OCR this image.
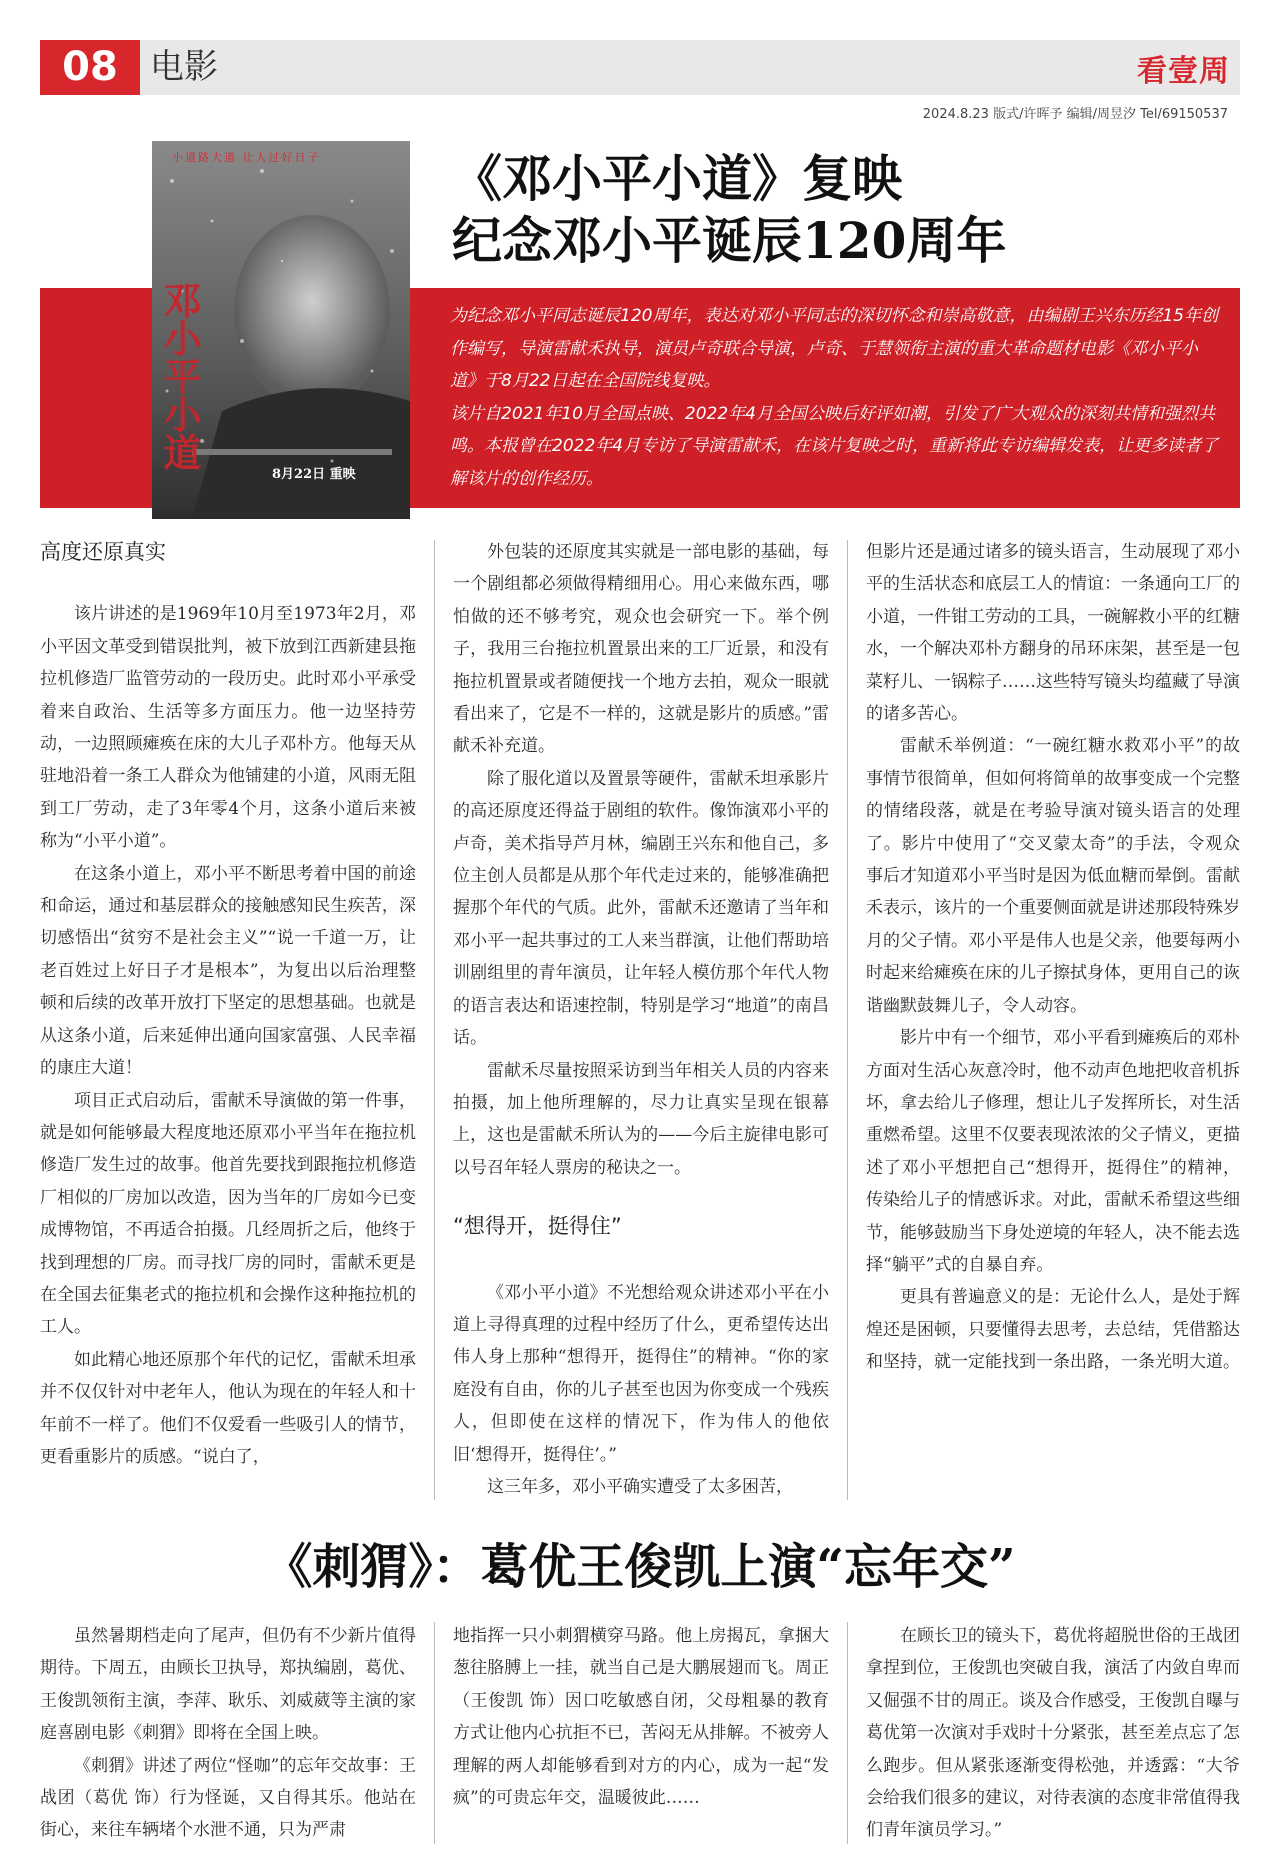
08 电影	看壹周
2024.8.23 版式/许晖予 编辑/周昱汐 Tel/69150537
小道路大道 让人过好日子
邓小平小道
8月22日 重映
《邓小平小道》复映
纪念邓小平诞辰120周年

为纪念邓小平同志诞辰120周年，表达对邓小平同志的深切怀念和崇高敬意，由编剧王兴东历经15年创作编写，导演雷献禾执导，演员卢奇联合导演，卢奇、于慧领衔主演的重大革命题材电影《邓小平小道》于8月22日起在全国院线复映。

该片自2021年10月全国点映、2022年4月全国公映后好评如潮，引发了广大观众的深刻共情和强烈共鸣。本报曾在2022年4月专访了导演雷献禾，在该片复映之时，重新将此专访编辑发表，让更多读者了解该片的创作经历。

高度还原真实

该片讲述的是1969年10月至1973年2月，邓小平因文革受到错误批判，被下放到江西新建县拖拉机修造厂监管劳动的一段历史。此时邓小平承受着来自政治、生活等多方面压力。他一边坚持劳动，一边照顾瘫痪在床的大儿子邓朴方。他每天从驻地沿着一条工人群众为他铺建的小道，风雨无阻到工厂劳动，走了3年零4个月，这条小道后来被称为“小平小道”。

在这条小道上，邓小平不断思考着中国的前途和命运，通过和基层群众的接触感知民生疾苦，深切感悟出“贫穷不是社会主义”“说一千道一万，让老百姓过上好日子才是根本”，为复出以后治理整顿和后续的改革开放打下坚定的思想基础。也就是从这条小道，后来延伸出通向国家富强、人民幸福的康庄大道！

项目正式启动后，雷献禾导演做的第一件事，就是如何能够最大程度地还原邓小平当年在拖拉机修造厂发生过的故事。他首先要找到跟拖拉机修造厂相似的厂房加以改造，因为当年的厂房如今已变成博物馆，不再适合拍摄。几经周折之后，他终于找到理想的厂房。而寻找厂房的同时，雷献禾更是在全国去征集老式的拖拉机和会操作这种拖拉机的工人。

如此精心地还原那个年代的记忆，雷献禾坦承并不仅仅针对中老年人，他认为现在的年轻人和十年前不一样了。他们不仅爱看一些吸引人的情节，更看重影片的质感。“说白了，

外包装的还原度其实就是一部电影的基础，每一个剧组都必须做得精细用心。用心来做东西，哪怕做的还不够考究，观众也会研究一下。举个例子，我用三台拖拉机置景出来的工厂近景，和没有拖拉机置景或者随便找一个地方去拍，观众一眼就看出来了，它是不一样的，这就是影片的质感。”雷献禾补充道。

除了服化道以及置景等硬件，雷献禾坦承影片的高还原度还得益于剧组的软件。像饰演邓小平的卢奇，美术指导芦月林，编剧王兴东和他自己，多位主创人员都是从那个年代走过来的，能够准确把握那个年代的气质。此外，雷献禾还邀请了当年和邓小平一起共事过的工人来当群演，让他们帮助培训剧组里的青年演员，让年轻人模仿那个年代人物的语言表达和语速控制，特别是学习“地道”的南昌话。

雷献禾尽量按照采访到当年相关人员的内容来拍摄，加上他所理解的，尽力让真实呈现在银幕上，这也是雷献禾所认为的——今后主旋律电影可以号召年轻人票房的秘诀之一。

“想得开，挺得住”

《邓小平小道》不光想给观众讲述邓小平在小道上寻得真理的过程中经历了什么，更希望传达出伟人身上那种“想得开，挺得住”的精神。“你的家庭没有自由，你的儿子甚至也因为你变成一个残疾人，但即使在这样的情况下，作为伟人的他依旧‘想得开，挺得住’。”

这三年多，邓小平确实遭受了太多困苦，

但影片还是通过诸多的镜头语言，生动展现了邓小平的生活状态和底层工人的情谊：一条通向工厂的小道，一件钳工劳动的工具，一碗解救小平的红糖水，一个解决邓朴方翻身的吊环床架，甚至是一包菜籽儿、一锅粽子……这些特写镜头均蕴藏了导演的诸多苦心。

雷献禾举例道：“一碗红糖水救邓小平”的故事情节很简单，但如何将简单的故事变成一个完整的情绪段落，就是在考验导演对镜头语言的处理了。影片中使用了“交叉蒙太奇”的手法，令观众事后才知道邓小平当时是因为低血糖而晕倒。雷献禾表示，该片的一个重要侧面就是讲述那段特殊岁月的父子情。邓小平是伟人也是父亲，他要每两小时起来给瘫痪在床的儿子擦拭身体，更用自己的诙谐幽默鼓舞儿子，令人动容。

影片中有一个细节，邓小平看到瘫痪后的邓朴方面对生活心灰意冷时，他不动声色地把收音机拆坏，拿去给儿子修理，想让儿子发挥所长，对生活重燃希望。这里不仅要表现浓浓的父子情义，更描述了邓小平想把自己“想得开，挺得住”的精神，传染给儿子的情感诉求。对此，雷献禾希望这些细节，能够鼓励当下身处逆境的年轻人，决不能去选择“躺平”式的自暴自弃。

更具有普遍意义的是：无论什么人，是处于辉煌还是困顿，只要懂得去思考，去总结，凭借豁达和坚持，就一定能找到一条出路，一条光明大道。

《刺猬》：葛优王俊凯上演“忘年交”

虽然暑期档走向了尾声，但仍有不少新片值得期待。下周五，由顾长卫执导，郑执编剧，葛优、王俊凯领衔主演，李萍、耿乐、刘威葳等主演的家庭喜剧电影《刺猬》即将在全国上映。

《刺猬》讲述了两位“怪咖”的忘年交故事：王战团（葛优 饰）行为怪诞，又自得其乐。他站在街心，来往车辆堵个水泄不通，只为严肃

地指挥一只小刺猬横穿马路。他上房揭瓦，拿捆大葱往胳膊上一挂，就当自己是大鹏展翅而飞。周正（王俊凯 饰）因口吃敏感自闭，父母粗暴的教育方式让他内心抗拒不已，苦闷无从排解。不被旁人理解的两人却能够看到对方的内心，成为一起“发疯”的可贵忘年交，温暖彼此……

在顾长卫的镜头下，葛优将超脱世俗的王战团拿捏到位，王俊凯也突破自我，演活了内敛自卑而又倔强不甘的周正。谈及合作感受，王俊凯自曝与葛优第一次演对手戏时十分紧张，甚至差点忘了怎么跑步。但从紧张逐渐变得松弛，并透露：“大爷会给我们很多的建议，对待表演的态度非常值得我们青年演员学习。”
